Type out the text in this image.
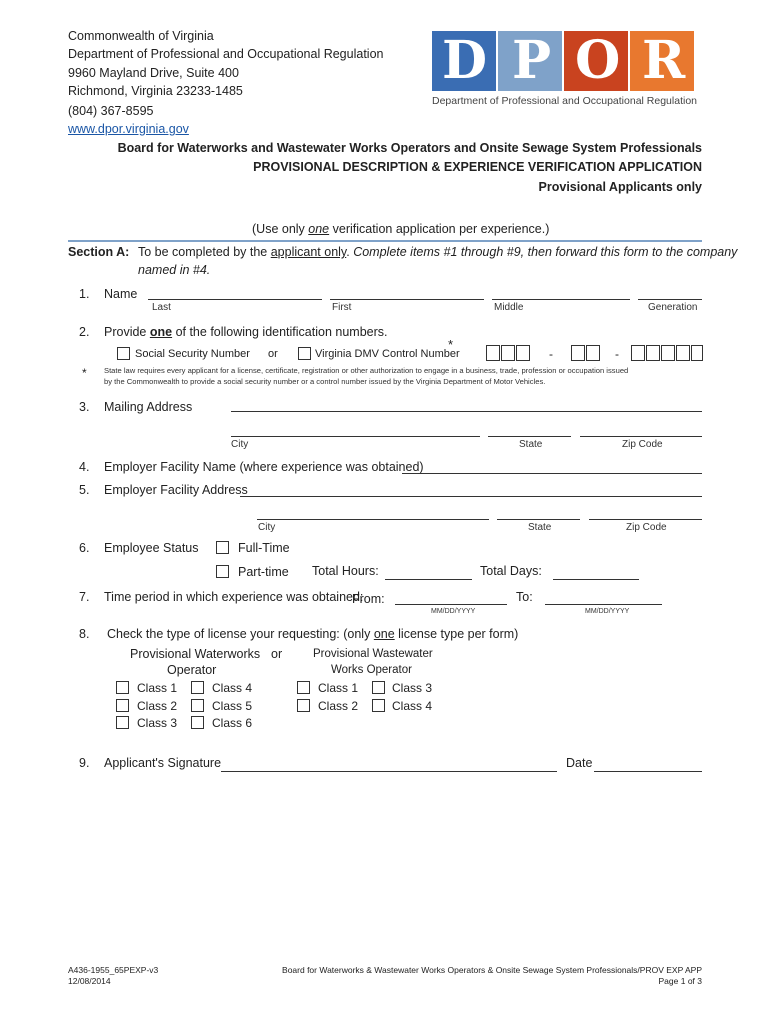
Commonwealth of Virginia
Department of Professional and Occupational Regulation
9960 Mayland Drive, Suite 400
Richmond, Virginia 23233-1485
(804) 367-8595
www.dpor.virginia.gov
D P O R
Department of Professional and Occupational Regulation
Board for Waterworks and Wastewater Works Operators and Onsite Sewage System Professionals
PROVISIONAL DESCRIPTION & EXPERIENCE VERIFICATION APPLICATION
Provisional Applicants only
(Use only one verification application per experience.)
Section A: To be completed by the applicant only. Complete items #1 through #9, then forward this form to the company
named in #4.
1. Name
Last	First	Middle	Generation
2. Provide one of the following identification numbers.
Social Security Number or	Virginia DMV Control Number
*
-	-
* State law requires every applicant for a license, certificate, registration or other authorization to engage in a business, trade, profession or occupation issued
by the Commonwealth to provide a social security number or a control number issued by the Virginia Department of Motor Vehicles.
3. Mailing Address
City	State	Zip Code
4. Employer Facility Name (where experience was obtained)
5. Employer Facility Address
City	State	Zip Code
6. Employee Status	Full-Time
Part-time Total Hours:	Total Days:
7. Time period in which experience was obtained:
From:
MM/DD/YYYY
To:
MM/DD/YYYY
8. Check the type of license your requesting: (only one license type per form)
Provisional Waterworks
Operator
or	Provisional Wastewater
Works Operator
Class 1	Class 4
Class 2	Class 5
Class 3	Class 6
Class 1	Class 3
Class 2	Class 4
9. Applicant's Signature	Date
A436-1955_65PEXP-v3
12/08/2014
Board for Waterworks & Wastewater Works Operators & Onsite Sewage System Professionals/PROV EXP APP
Page 1 of 3
